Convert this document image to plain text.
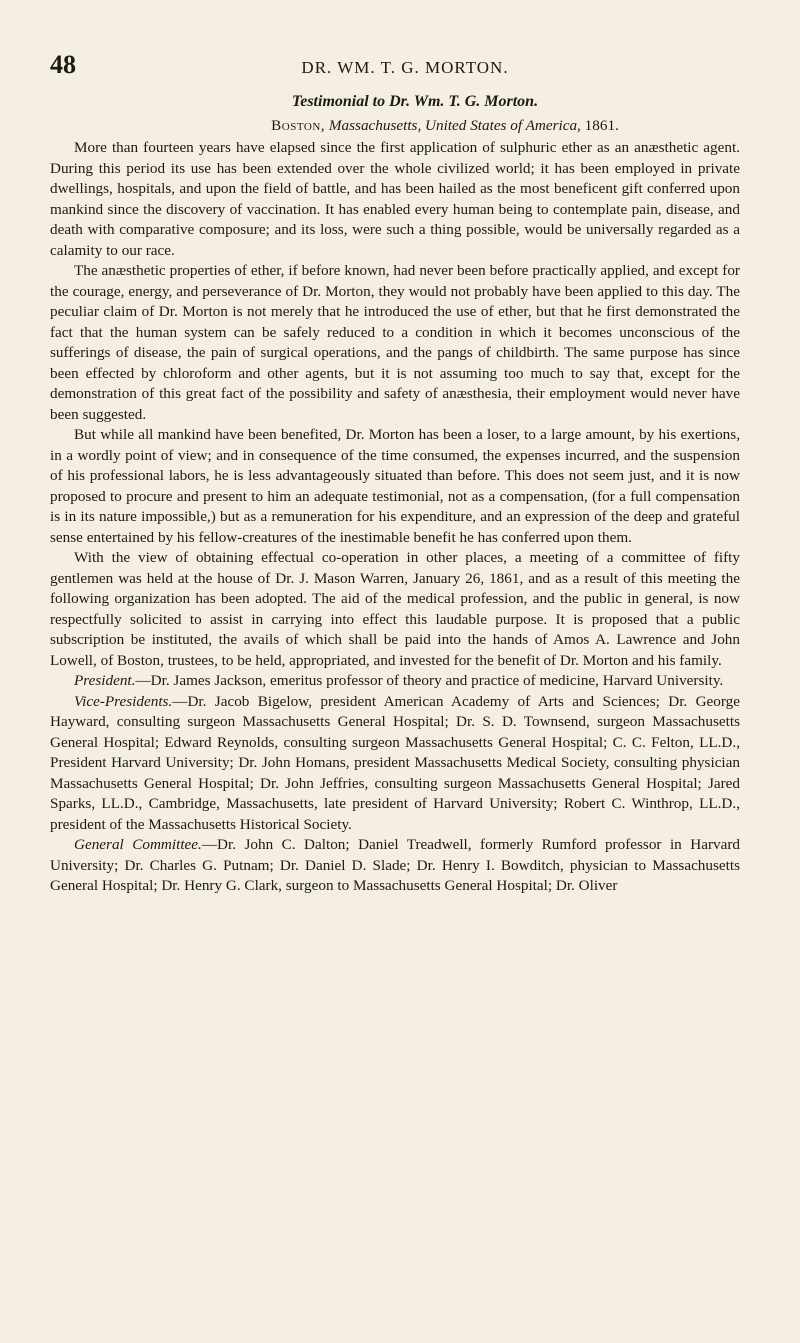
48	DR. WM. T. G. MORTON.
Testimonial to Dr. Wm. T. G. Morton.
Boston, Massachusetts, United States of America, 1861.

More than fourteen years have elapsed since the first application of sulphuric ether as an anæsthetic agent. During this period its use has been extended over the whole civilized world; it has been employed in private dwellings, hospitals, and upon the field of battle, and has been hailed as the most beneficent gift conferred upon mankind since the discovery of vaccination. It has enabled every human being to contemplate pain, disease, and death with comparative composure; and its loss, were such a thing possible, would be universally regarded as a calamity to our race.

The anæsthetic properties of ether, if before known, had never been before practically applied, and except for the courage, energy, and perseverance of Dr. Morton, they would not probably have been applied to this day. The peculiar claim of Dr. Morton is not merely that he introduced the use of ether, but that he first demonstrated the fact that the human system can be safely reduced to a condition in which it becomes unconscious of the sufferings of disease, the pain of surgical operations, and the pangs of childbirth. The same purpose has since been effected by chloroform and other agents, but it is not assuming too much to say that, except for the demonstration of this great fact of the possibility and safety of anæsthesia, their employment would never have been suggested.

But while all mankind have been benefited, Dr. Morton has been a loser, to a large amount, by his exertions, in a wordly point of view; and in consequence of the time consumed, the expenses incurred, and the suspension of his professional labors, he is less advantageously situated than before. This does not seem just, and it is now proposed to procure and present to him an adequate testimonial, not as a compensation, (for a full compensation is in its nature impossible,) but as a remuneration for his expenditure, and an expression of the deep and grateful sense entertained by his fellow-creatures of the inestimable benefit he has conferred upon them.

With the view of obtaining effectual co-operation in other places, a meeting of a committee of fifty gentlemen was held at the house of Dr. J. Mason Warren, January 26, 1861, and as a result of this meeting the following organization has been adopted. The aid of the medical profession, and the public in general, is now respectfully solicited to assist in carrying into effect this laudable purpose. It is proposed that a public subscription be instituted, the avails of which shall be paid into the hands of Amos A. Lawrence and John Lowell, of Boston, trustees, to be held, appropriated, and invested for the benefit of Dr. Morton and his family.

President.—Dr. James Jackson, emeritus professor of theory and practice of medicine, Harvard University.

Vice-Presidents.—Dr. Jacob Bigelow, president American Academy of Arts and Sciences; Dr. George Hayward, consulting surgeon Massachusetts General Hospital; Dr. S. D. Townsend, surgeon Massachusetts General Hospital; Edward Reynolds, consulting surgeon Massachusetts General Hospital; C. C. Felton, LL.D., President Harvard University; Dr. John Homans, president Massachusetts Medical Society, consulting physician Massachusetts General Hospital; Dr. John Jeffries, consulting surgeon Massachusetts General Hospital; Jared Sparks, LL.D., Cambridge, Massachusetts, late president of Harvard University; Robert C. Winthrop, LL.D., president of the Massachusetts Historical Society.

General Committee.—Dr. John C. Dalton; Daniel Treadwell, formerly Rumford professor in Harvard University; Dr. Charles G. Putnam; Dr. Daniel D. Slade; Dr. Henry I. Bowditch, physician to Massachusetts General Hospital; Dr. Henry G. Clark, surgeon to Massachusetts General Hospital; Dr. Oliver
